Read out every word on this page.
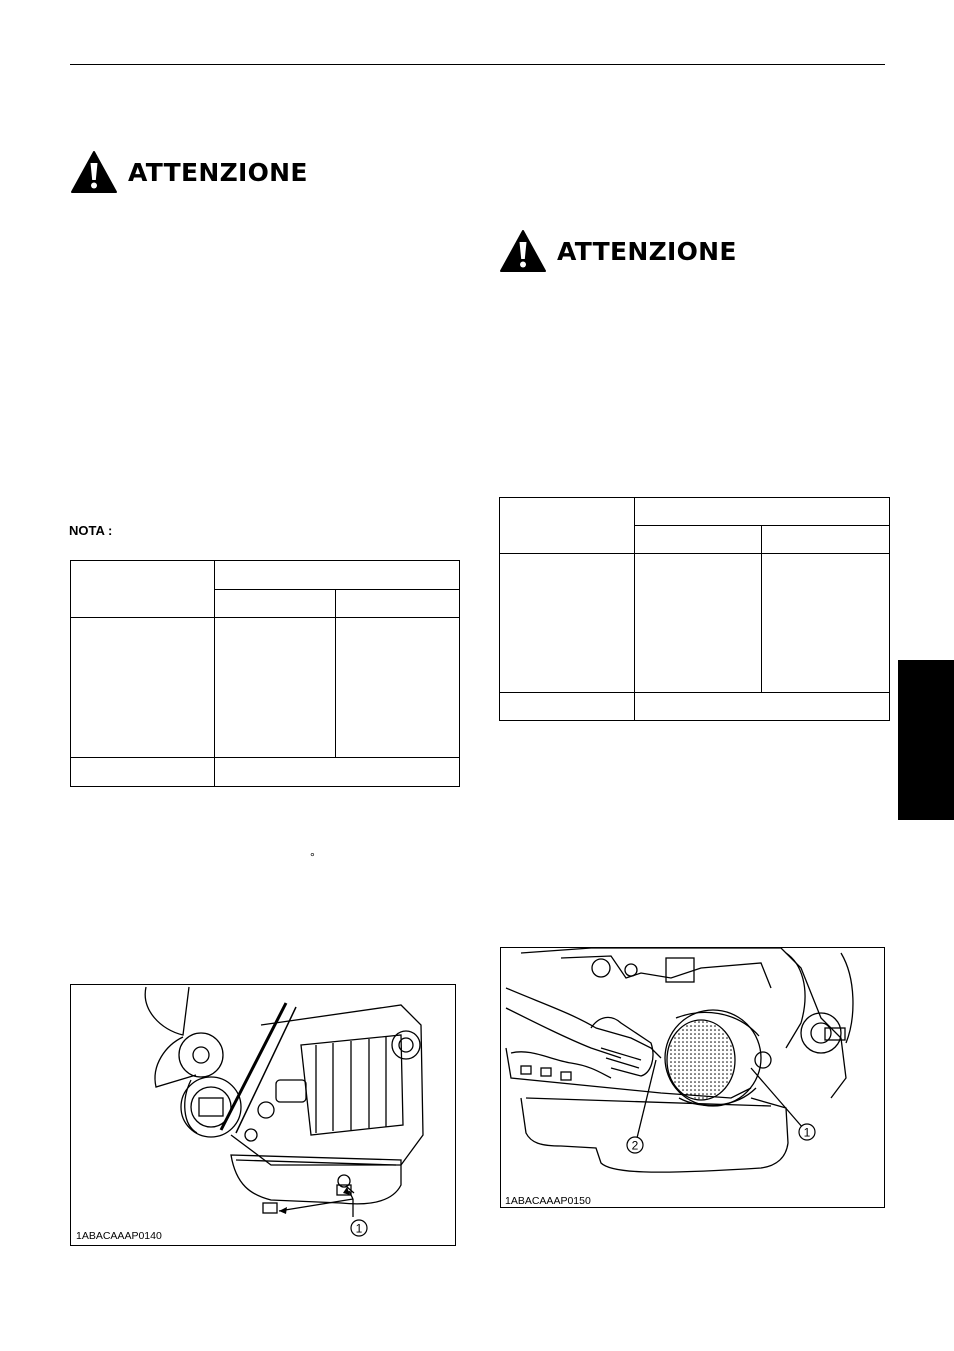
ATTENZIONE
ATTENZIONE
NOTA :

°
1
1ABACAAAP0140
1
2
1ABACAAAP0150
